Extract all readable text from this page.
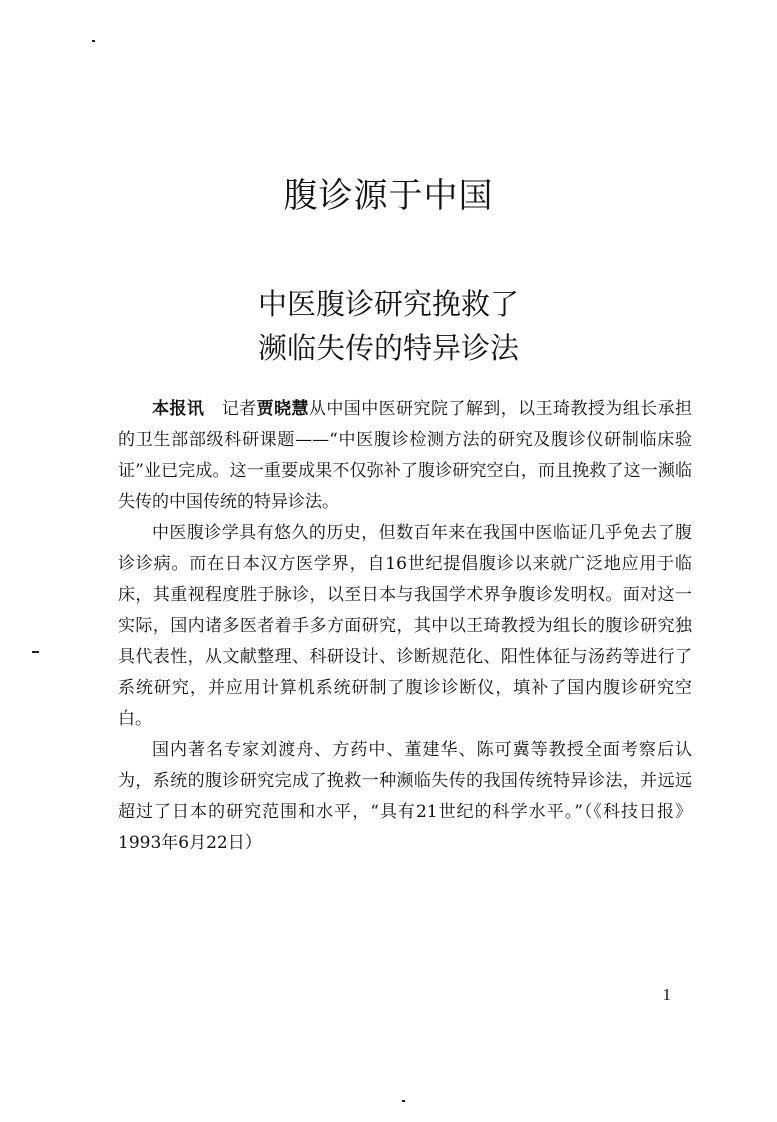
腹诊源于中国
中医腹诊研究挽救了
濒临失传的特异诊法

本报讯　 记者贾晓慧从中国中医研究院了解到，以王琦教授为组长承担的卫生部部级科研课题——“中医腹诊检测方法的研究及腹诊仪研制临床验证”业已完成。这一重要成果不仅弥补了腹诊研究空白，而且挽救了这一濒临失传的中国传统的特异诊法。

中医腹诊学具有悠久的历史，但数百年来在我国中医临证几乎免去了腹诊诊病。而在日本汉方医学界，自16世纪提倡腹诊以来就广泛地应用于临床，其重视程度胜于脉诊，以至日本与我国学术界争腹诊发明权。面对这一实际，国内诸多医者着手多方面研究，其中以王琦教授为组长的腹诊研究独具代表性，从文献整理、科研设计、诊断规范化、阳性体征与汤药等进行了系统研究，并应用计算机系统研制了腹诊诊断仪，填补了国内腹诊研究空白。

国内著名专家刘渡舟、方药中、董建华、陈可冀等教授全面考察后认为，系统的腹诊研究完成了挽救一种濒临失传的我国传统特异诊法，并远远超过了日本的研究范围和水平，“具有21世纪的科学水平。”（《科技日报》1993年6月22日）

1
